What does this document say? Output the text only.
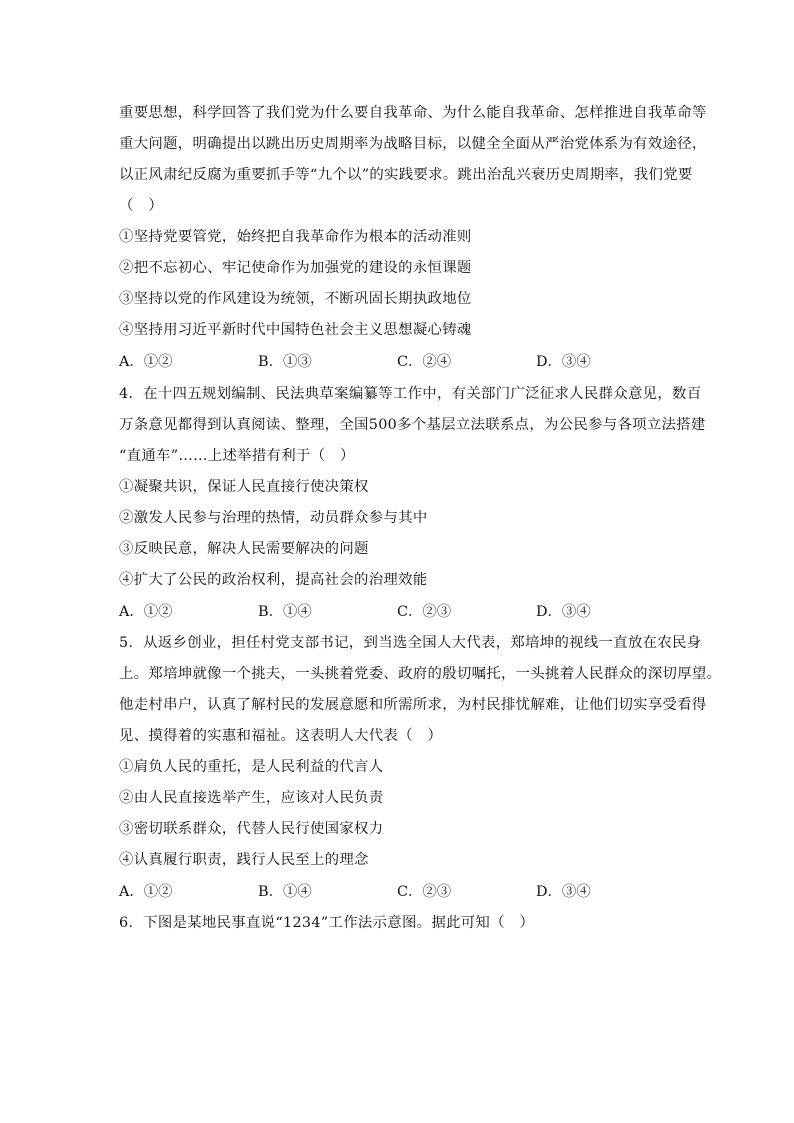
重要思想，科学回答了我们党为什么要自我革命、为什么能自我革命、怎样推进自我革命等
重大问题，明确提出以跳出历史周期率为战略目标，以健全全面从严治党体系为有效途径，
以正风肃纪反腐为重要抓手等“九个以”的实践要求。跳出治乱兴衰历史周期率，我们党要
（　）
①坚持党要管党，始终把自我革命作为根本的活动准则
②把不忘初心、牢记使命作为加强党的建设的永恒课题
③坚持以党的作风建设为统领，不断巩固长期执政地位
④坚持用习近平新时代中国特色社会主义思想凝心铸魂
A．①②	B．①③	C．②④	D．③④
4．在十四五规划编制、民法典草案编纂等工作中，有关部门广泛征求人民群众意见，数百
万条意见都得到认真阅读、整理，全国500多个基层立法联系点，为公民参与各项立法搭建
“直通车”……上述举措有利于（　）
①凝聚共识，保证人民直接行使决策权
②激发人民参与治理的热情，动员群众参与其中
③反映民意，解决人民需要解决的问题
④扩大了公民的政治权利，提高社会的治理效能
A．①②	B．①④	C．②③	D．③④
5．从返乡创业，担任村党支部书记，到当选全国人大代表，郑培坤的视线一直放在农民身
上。郑培坤就像一个挑夫，一头挑着党委、政府的殷切嘱托，一头挑着人民群众的深切厚望。
他走村串户，认真了解村民的发展意愿和所需所求，为村民排忧解难，让他们切实享受看得
见、摸得着的实惠和福祉。这表明人大代表（　）
①肩负人民的重托，是人民利益的代言人
②由人民直接选举产生，应该对人民负责
③密切联系群众，代替人民行使国家权力
④认真履行职责，践行人民至上的理念
A．①②	B．①④	C．②③	D．③④
6．下图是某地民事直说“1234”工作法示意图。据此可知（　）
